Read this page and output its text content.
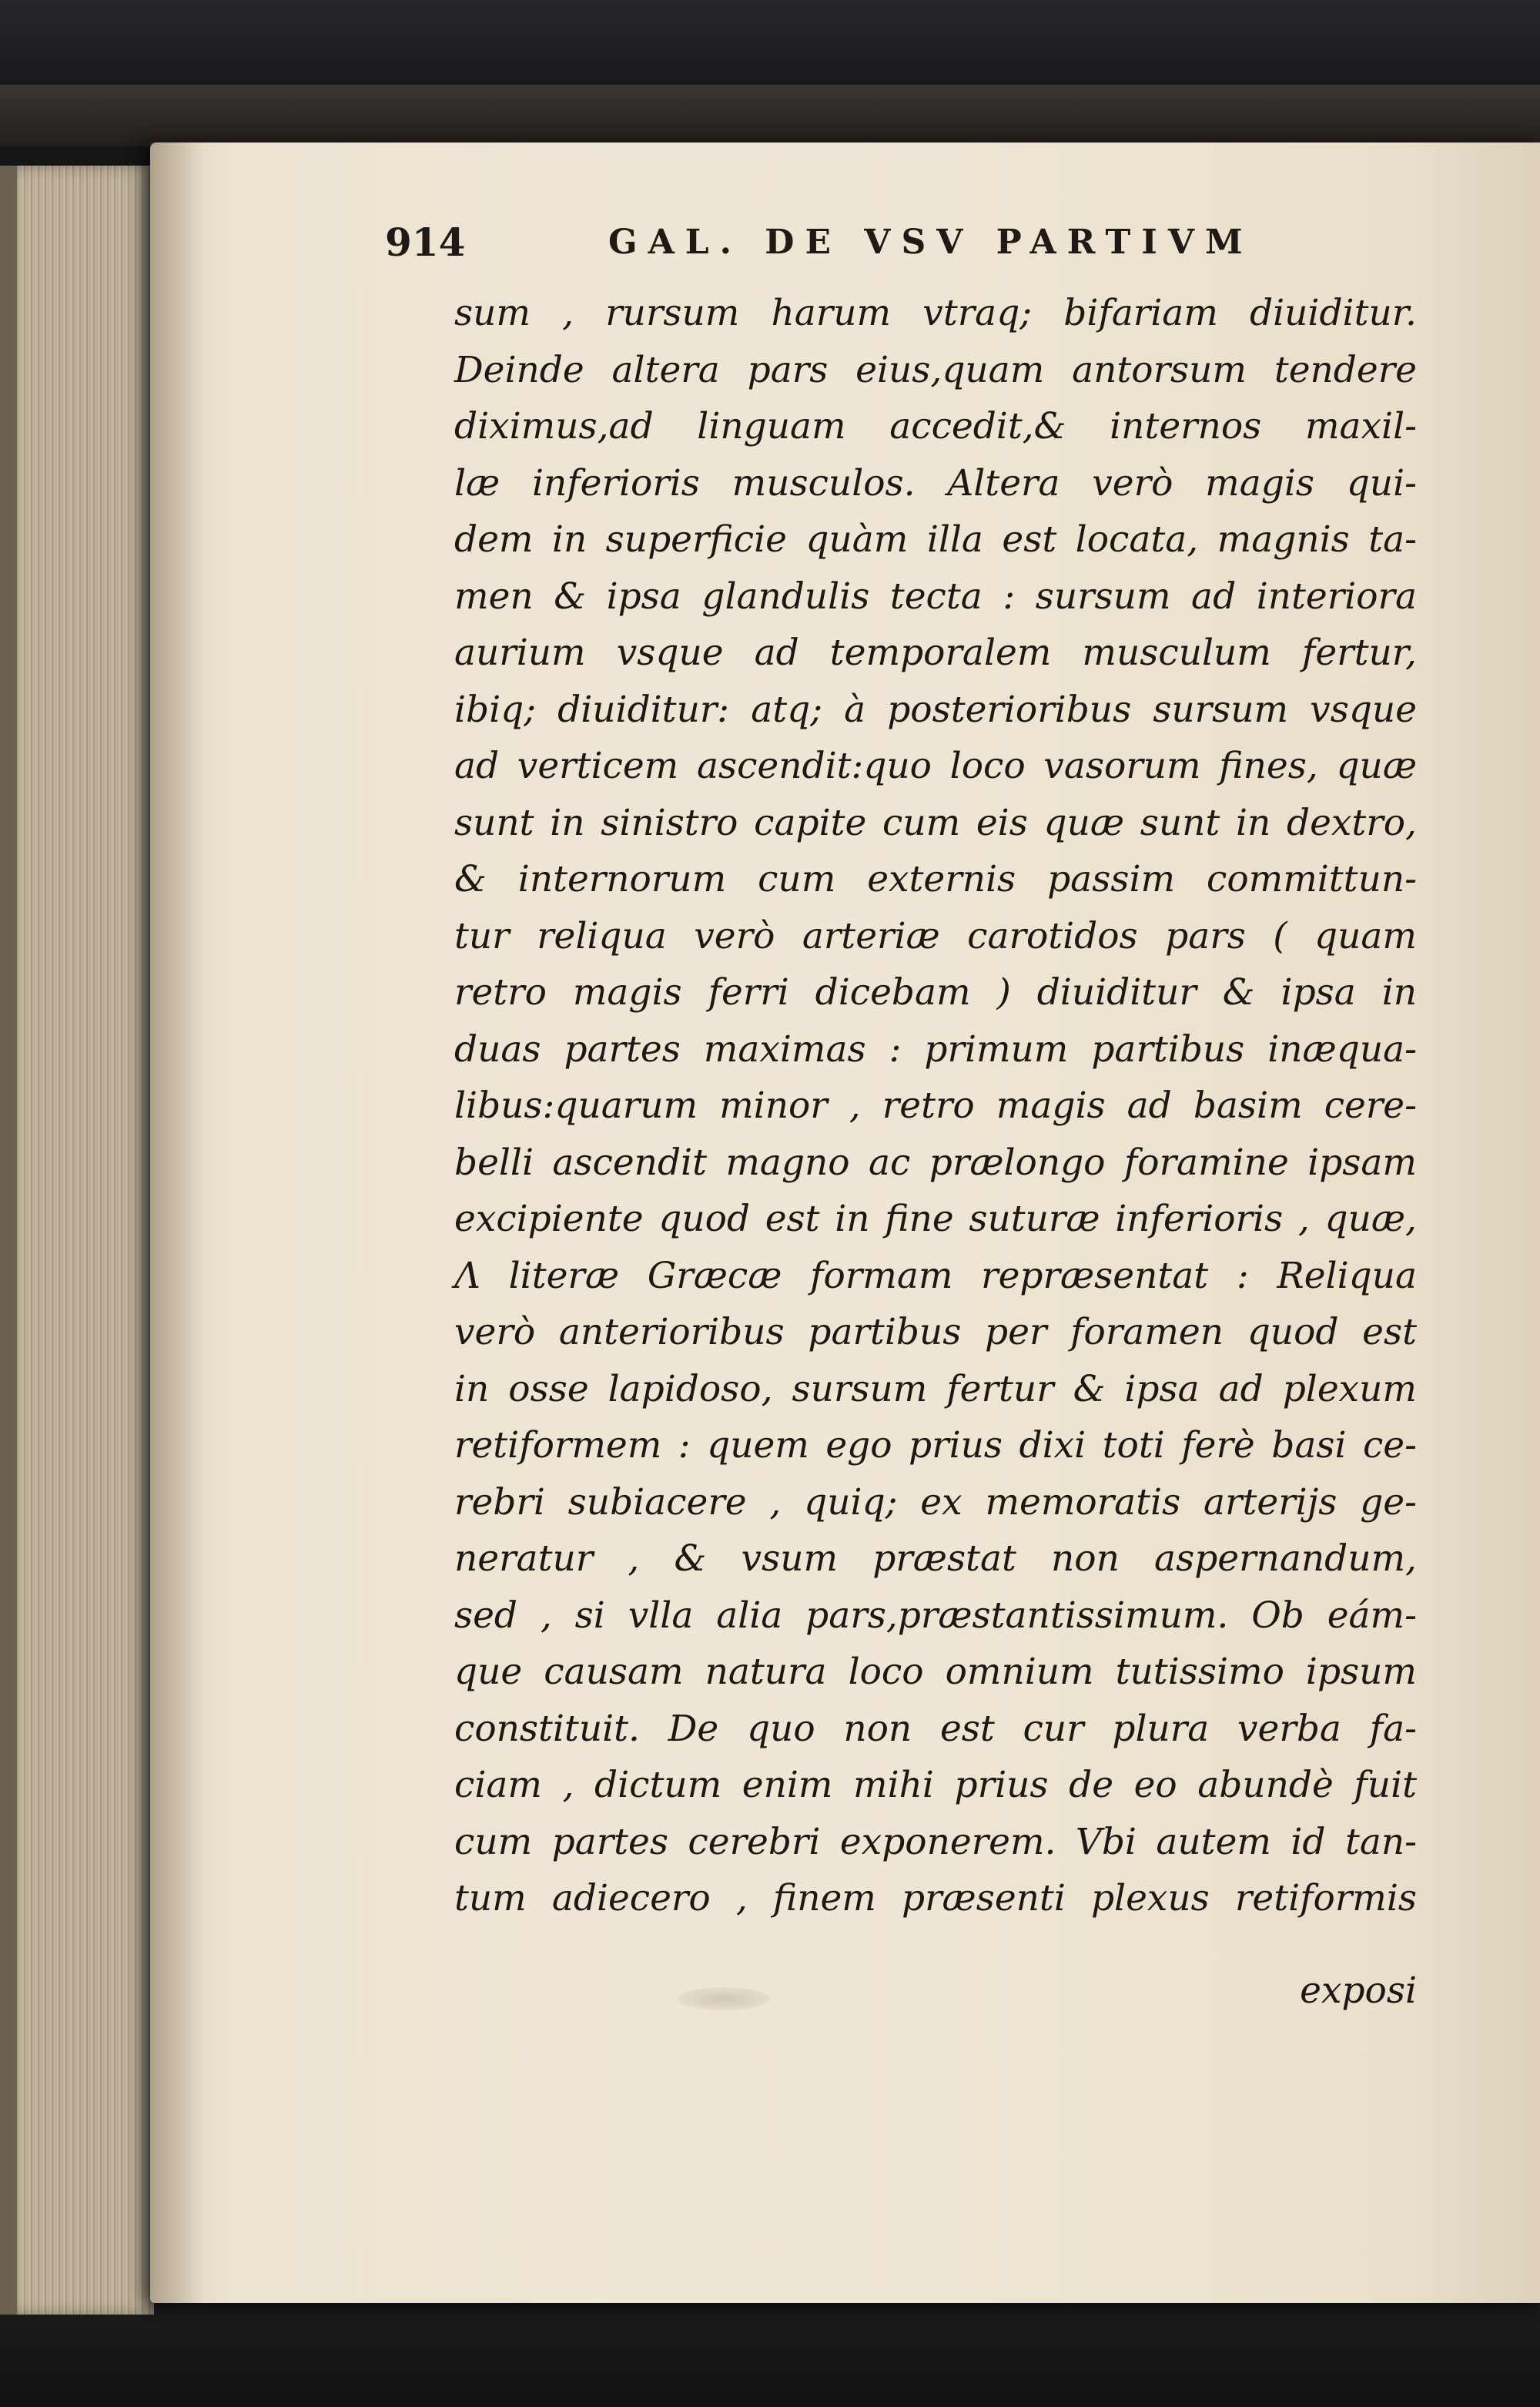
914	GAL. DE VSV PARTIVM
sum , rursum harum vtraq; bifariam diuiditur.
Deinde altera pars eius,quam antorsum tendere
diximus,ad linguam accedit,& internos maxil-
læ inferioris musculos. Altera verò magis qui-
dem in superficie quàm illa est locata, magnis ta-
men & ipsa glandulis tecta : sursum ad interiora
aurium vsque ad temporalem musculum fertur,
ibiq; diuiditur: atq; à posterioribus sursum vsque
ad verticem ascendit:quo loco vasorum fines, quæ
sunt in sinistro capite cum eis quæ sunt in dextro,
& internorum cum externis passim committun-
tur reliqua verò arteriæ carotidos pars ( quam
retro magis ferri dicebam ) diuiditur & ipsa in
duas partes maximas : primum partibus inæqua-
libus:quarum minor , retro magis ad basim cere-
belli ascendit magno ac prælongo foramine ipsam
excipiente quod est in fine suturæ inferioris , quæ,
Λ literæ Græcæ formam repræsentat : Reliqua
verò anterioribus partibus per foramen quod est
in osse lapidoso, sursum fertur & ipsa ad plexum
retiformem : quem ego prius dixi toti ferè basi ce-
rebri subiacere , quiq; ex memoratis arterijs ge-
neratur , & vsum præstat non aspernandum,
sed , si vlla alia pars,præstantissimum. Ob eám-
que causam natura loco omnium tutissimo ipsum
constituit. De quo non est cur plura verba fa-
ciam , dictum enim mihi prius de eo abundè fuit
cum partes cerebri exponerem. Vbi autem id tan-
tum adiecero , finem præsenti plexus retiformis
exposi
